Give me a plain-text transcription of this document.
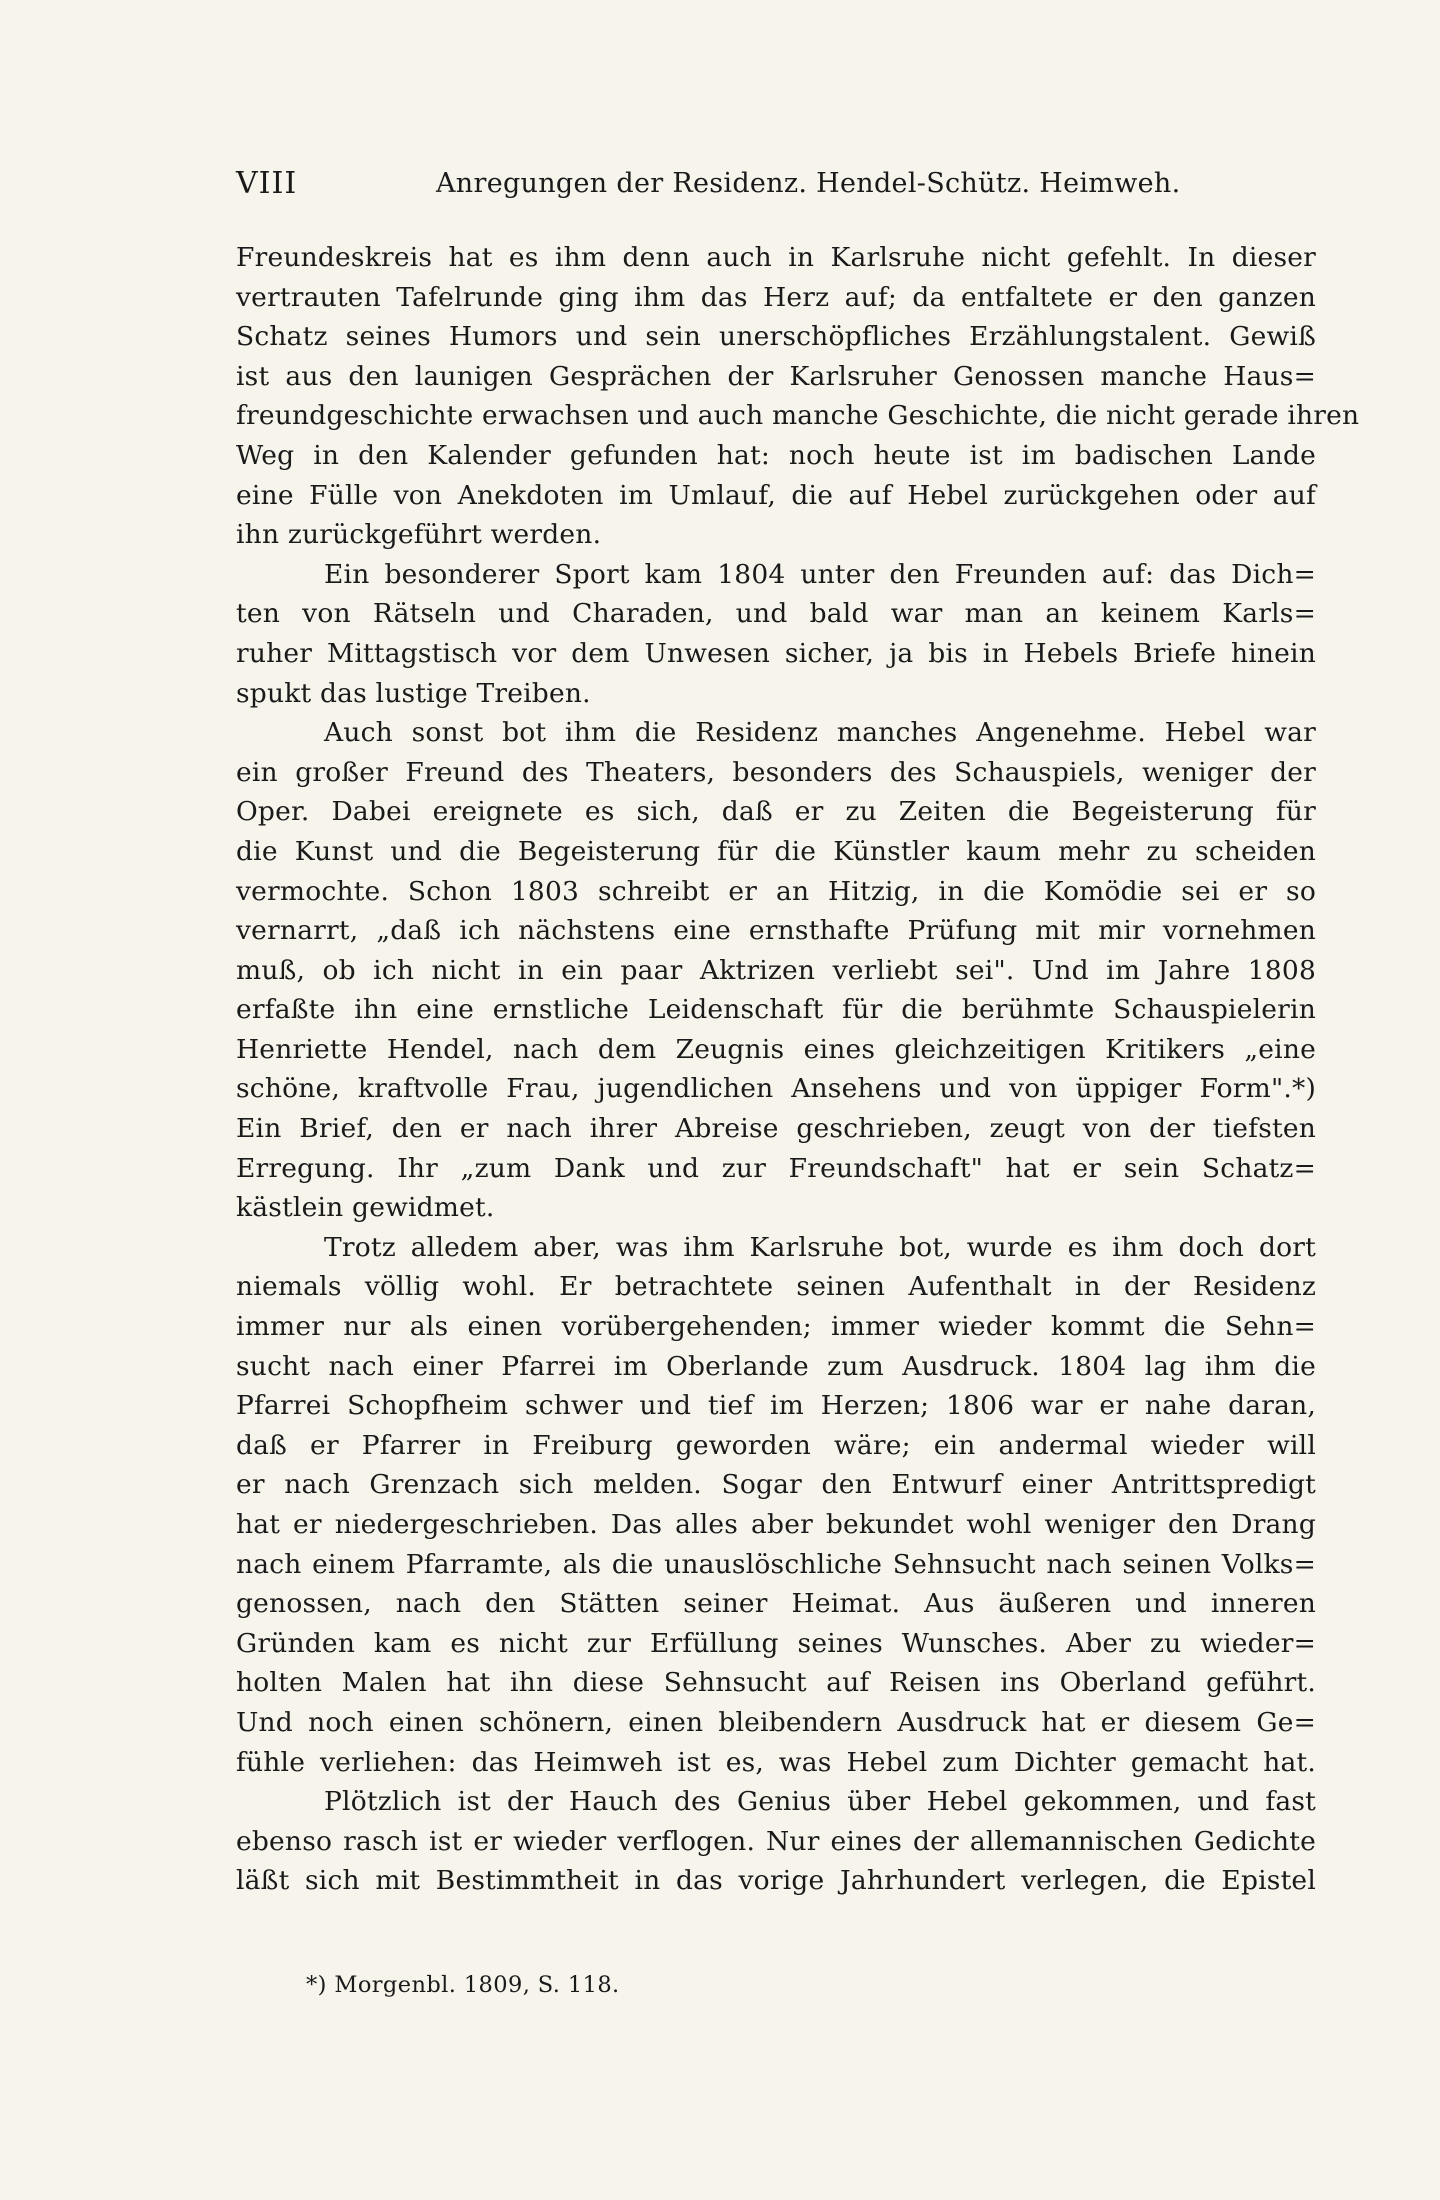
VIII	Anregungen der Residenz. Hendel-Schütz. Heimweh.
Freundeskreis hat es ihm denn auch in Karlsruhe nicht gefehlt. In dieser
vertrauten Tafelrunde ging ihm das Herz auf; da entfaltete er den ganzen
Schatz seines Humors und sein unerschöpfliches Erzählungstalent. Gewiß
ist aus den launigen Gesprächen der Karlsruher Genossen manche Haus=
freundgeschichte erwachsen und auch manche Geschichte, die nicht gerade ihren
Weg in den Kalender gefunden hat: noch heute ist im badischen Lande
eine Fülle von Anekdoten im Umlauf, die auf Hebel zurückgehen oder auf
ihn zurückgeführt werden.
Ein besonderer Sport kam 1804 unter den Freunden auf: das Dich=
ten von Rätseln und Charaden, und bald war man an keinem Karls=
ruher Mittagstisch vor dem Unwesen sicher, ja bis in Hebels Briefe hinein
spukt das lustige Treiben.
Auch sonst bot ihm die Residenz manches Angenehme. Hebel war
ein großer Freund des Theaters, besonders des Schauspiels, weniger der
Oper. Dabei ereignete es sich, daß er zu Zeiten die Begeisterung für
die Kunst und die Begeisterung für die Künstler kaum mehr zu scheiden
vermochte. Schon 1803 schreibt er an Hitzig, in die Komödie sei er so
vernarrt, „daß ich nächstens eine ernsthafte Prüfung mit mir vornehmen
muß, ob ich nicht in ein paar Aktrizen verliebt sei". Und im Jahre 1808
erfaßte ihn eine ernstliche Leidenschaft für die berühmte Schauspielerin
Henriette Hendel, nach dem Zeugnis eines gleichzeitigen Kritikers „eine
schöne, kraftvolle Frau, jugendlichen Ansehens und von üppiger Form".*)
Ein Brief, den er nach ihrer Abreise geschrieben, zeugt von der tiefsten
Erregung. Ihr „zum Dank und zur Freundschaft" hat er sein Schatz=
kästlein gewidmet.
Trotz alledem aber, was ihm Karlsruhe bot, wurde es ihm doch dort
niemals völlig wohl. Er betrachtete seinen Aufenthalt in der Residenz
immer nur als einen vorübergehenden; immer wieder kommt die Sehn=
sucht nach einer Pfarrei im Oberlande zum Ausdruck. 1804 lag ihm die
Pfarrei Schopfheim schwer und tief im Herzen; 1806 war er nahe daran,
daß er Pfarrer in Freiburg geworden wäre; ein andermal wieder will
er nach Grenzach sich melden. Sogar den Entwurf einer Antrittspredigt
hat er niedergeschrieben. Das alles aber bekundet wohl weniger den Drang
nach einem Pfarramte, als die unauslöschliche Sehnsucht nach seinen Volks=
genossen, nach den Stätten seiner Heimat. Aus äußeren und inneren
Gründen kam es nicht zur Erfüllung seines Wunsches. Aber zu wieder=
holten Malen hat ihn diese Sehnsucht auf Reisen ins Oberland geführt.
Und noch einen schönern, einen bleibendern Ausdruck hat er diesem Ge=
fühle verliehen: das Heimweh ist es, was Hebel zum Dichter gemacht hat.
Plötzlich ist der Hauch des Genius über Hebel gekommen, und fast
ebenso rasch ist er wieder verflogen. Nur eines der allemannischen Gedichte
läßt sich mit Bestimmtheit in das vorige Jahrhundert verlegen, die Epistel
*) Morgenbl. 1809, S. 118.
